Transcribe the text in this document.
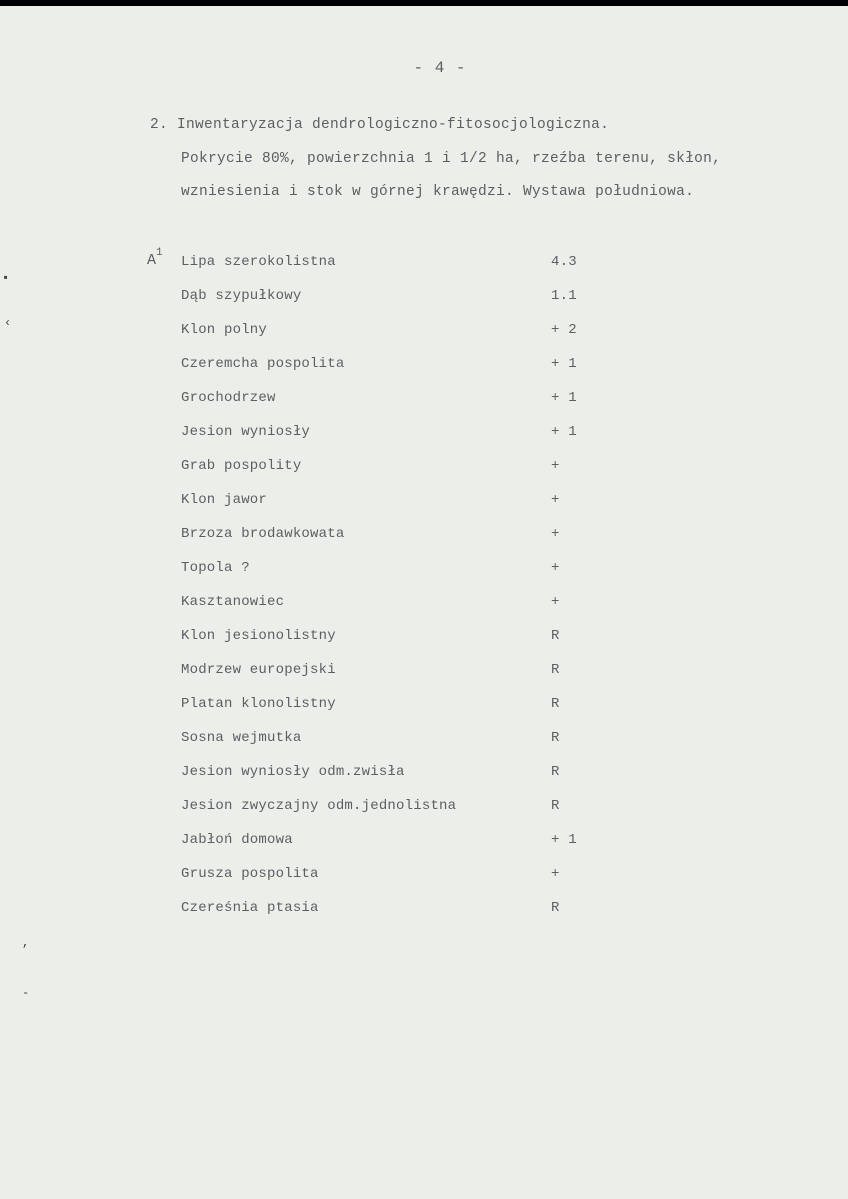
- 4 -
2. Inwentaryzacja dendrologiczno-fitosocjologiczna.
Pokrycie 80%, powierzchnia 1 i 1/2 ha, rzeźba terenu, skłon,
wzniesienia i stok w górnej krawędzi. Wystawa południowa.
$A^1$
Lipa szerokolistna	4.3
Dąb szypułkowy	1.1
Klon polny	+ 2
Czeremcha pospolita	+ 1
Grochodrzew	+ 1
Jesion wyniosły	+ 1
Grab pospolity	+
Klon jawor	+
Brzoza brodawkowata	+
Topola ?	+
Kasztanowiec	+
Klon jesionolistny	R
Modrzew europejski	R
Platan klonolistny	R
Sosna wejmutka	R
Jesion wyniosły odm.zwisła	R
Jesion zwyczajny odm.jednolistna	R
Jabłoń domowa	+ 1
Grusza pospolita	+
Czereśnia ptasia	R
▪
‹
,
-
